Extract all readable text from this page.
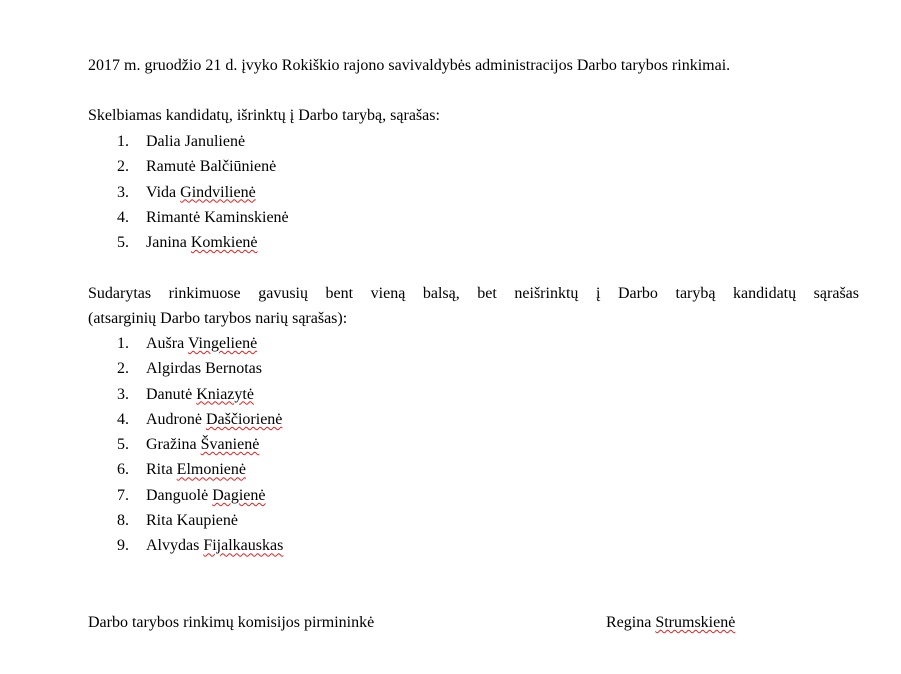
2017 m. gruodžio 21 d. įvyko Rokiškio rajono savivaldybės administracijos Darbo tarybos rinkimai.

Skelbiamas kandidatų, išrinktų į Darbo tarybą, sąrašas:

1.	Dalia Janulienė
2.	Ramutė Balčiūnienė
3.	Vida Gindvilienė
4.	Rimantė Kaminskienė
5.	Janina Komkienė
Sudarytas rinkimuose gavusių bent vieną balsą, bet neišrinktų į Darbo tarybą kandidatų sąrašas
(atsarginių Darbo tarybos narių sąrašas):
1.	Aušra Vingelienė
2.	Algirdas Bernotas
3.	Danutė Kniazytė
4.	Audronė Daščiorienė
5.	Gražina Švanienė
6.	Rita Elmonienė
7.	Danguolė Dagienė
8.	Rita Kaupienė
9.	Alvydas Fijalkauskas
Darbo tarybos rinkimų komisijos pirmininkė	Regina Strumskienė
